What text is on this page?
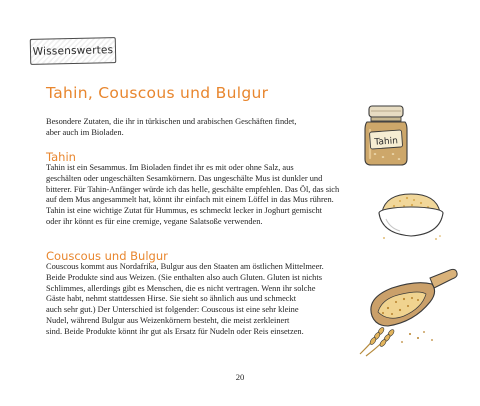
Wissenswertes
Tahin, Couscous und Bulgur
Besondere Zutaten, die ihr in türkischen und arabischen Geschäften findet,
aber auch im Bioladen.
Tahin
Tahin ist ein Sesammus. Im Bioladen findet ihr es mit oder ohne Salz, aus
geschälten oder ungeschälten Sesamkörnern. Das ungeschälte Mus ist dunkler und
bitterer. Für Tahin-Anfänger würde ich das helle, geschälte empfehlen. Das Öl, das sich
auf dem Mus angesammelt hat, könnt ihr einfach mit einem Löffel in das Mus rühren.
Tahin ist eine wichtige Zutat für Hummus, es schmeckt lecker in Joghurt gemischt
oder ihr könnt es für eine cremige, vegane Salatsoße verwenden.
Couscous und Bulgur
Couscous kommt aus Nordafrika, Bulgur aus den Staaten am östlichen Mittelmeer.
Beide Produkte sind aus Weizen. (Sie enthalten also auch Gluten. Gluten ist nichts
Schlimmes, allerdings gibt es Menschen, die es nicht vertragen. Wenn ihr solche
Gäste habt, nehmt stattdessen Hirse. Sie sieht so ähnlich aus und schmeckt
auch sehr gut.) Der Unterschied ist folgender: Couscous ist eine sehr kleine
Nudel, während Bulgur aus Weizenkörnern besteht, die meist zerkleinert
sind. Beide Produkte könnt ihr gut als Ersatz für Nudeln oder Reis einsetzen.
Tahin
20
